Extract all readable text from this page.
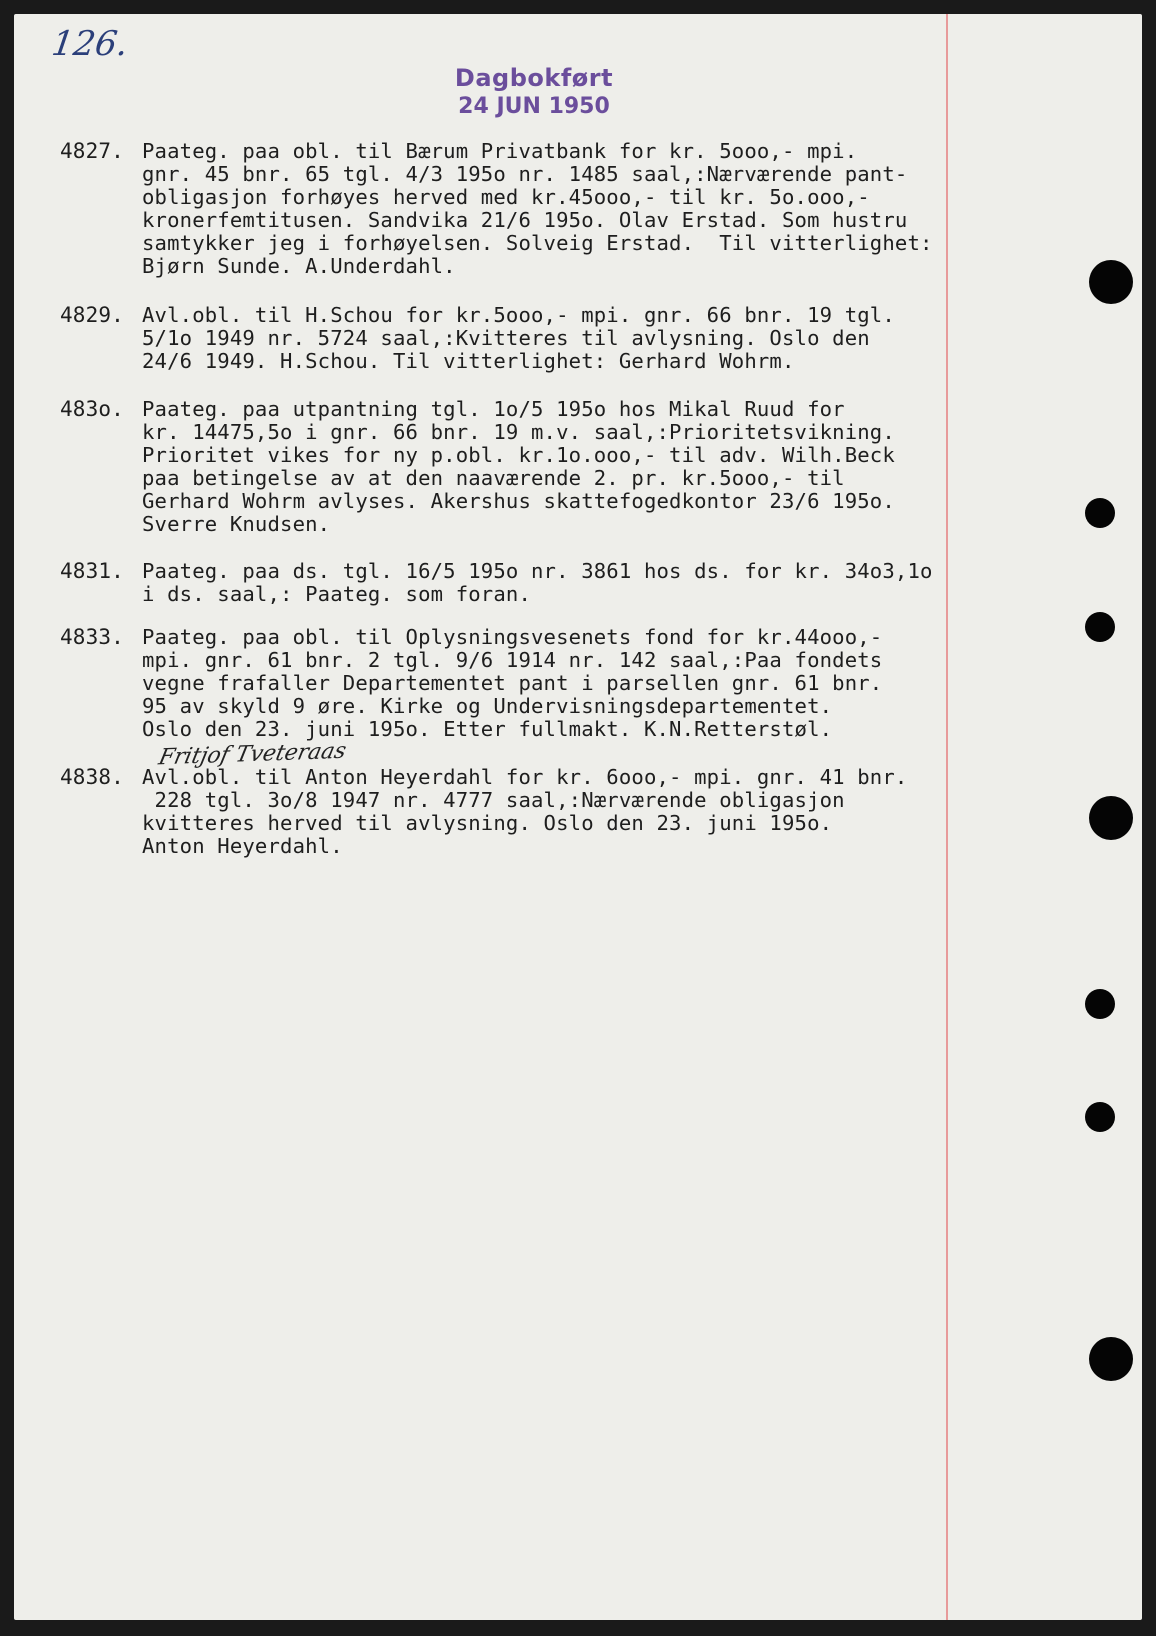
126.
Dagbokført
24 JUN 1950
4827. Paateg. paa obl. til Bærum Privatbank for kr. 5ooo,- mpi.
gnr. 45 bnr. 65 tgl. 4/3 195o nr. 1485 saal,:Nærværende pant-
obligasjon forhøyes herved med kr.45ooo,- til kr. 5o.ooo,-
kronerfemtitusen. Sandvika 21/6 195o. Olav Erstad. Som hustru
samtykker jeg i forhøyelsen. Solveig Erstad.  Til vitterlighet:
Bjørn Sunde. A.Underdahl.
4829. Avl.obl. til H.Schou for kr.5ooo,- mpi. gnr. 66 bnr. 19 tgl.
5/1o 1949 nr. 5724 saal,:Kvitteres til avlysning. Oslo den
24/6 1949. H.Schou. Til vitterlighet: Gerhard Wohrm.
483o. Paateg. paa utpantning tgl. 1o/5 195o hos Mikal Ruud for
kr. 14475,5o i gnr. 66 bnr. 19 m.v. saal,:Prioritetsvikning.
Prioritet vikes for ny p.obl. kr.1o.ooo,- til adv. Wilh.Beck
paa betingelse av at den naaværende 2. pr. kr.5ooo,- til
Gerhard Wohrm avlyses. Akershus skattefogedkontor 23/6 195o.
Sverre Knudsen.
4831. Paateg. paa ds. tgl. 16/5 195o nr. 3861 hos ds. for kr. 34o3,1o
i ds. saal,: Paateg. som foran.
4833. Paateg. paa obl. til Oplysningsvesenets fond for kr.44ooo,-
mpi. gnr. 61 bnr. 2 tgl. 9/6 1914 nr. 142 saal,:Paa fondets
vegne frafaller Departementet pant i parsellen gnr. 61 bnr.
95 av skyld 9 øre. Kirke og Undervisningsdepartementet.
Oslo den 23. juni 195o. Etter fullmakt. K.N.Retterstøl.
Fritjof Tveteraas
4838. Avl.obl. til Anton Heyerdahl for kr. 6ooo,- mpi. gnr. 41 bnr.
228 tgl. 3o/8 1947 nr. 4777 saal,:Nærværende obligasjon
kvitteres herved til avlysning. Oslo den 23. juni 195o.
Anton Heyerdahl.
